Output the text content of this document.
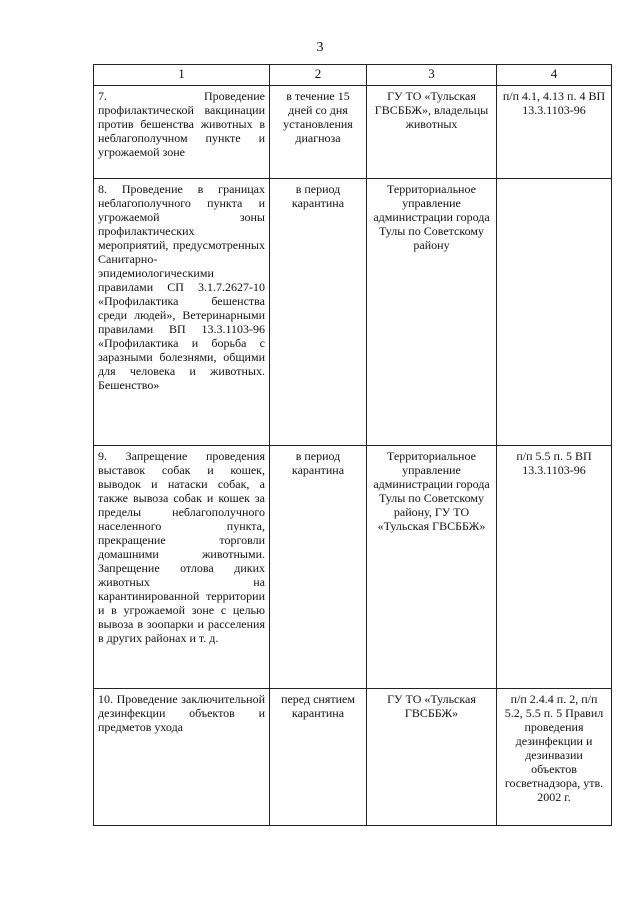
3
1	2	3	4
7. Проведение профилактической вакцинации против бешенства животных в неблагополучном пункте и угрожаемой зоне	в течение 15 дней со дня установления диагноза	ГУ ТО «Тульская ГВСББЖ», владельцы животных	п/п 4.1, 4.13 п. 4 ВП 13.3.1103-96
8. Проведение в границах неблагополучного пункта и угрожаемой зоны профилактических мероприятий, предусмотренных Санитарно-эпидемиологическими правилами СП 3.1.7.2627-10 «Профилактика бешенства среди людей», Ветеринарными правилами ВП 13.3.1103-96 «Профилактика и борьба с заразными болезнями, общими для человека и животных. Бешенство»	в период карантина	Территориальное управление администрации города Тулы по Советскому району	
9. Запрещение проведения выставок собак и кошек, выводок и натаски собак, а также вывоза собак и кошек за пределы неблагополучного населенного пункта, прекращение торговли домашними животными. Запрещение отлова диких животных на карантинированной территории и в угрожаемой зоне с целью вывоза в зоопарки и расселения в других районах и т. д.	в период карантина	Территориальное управление администрации города Тулы по Советскому району, ГУ ТО «Тульская ГВСББЖ»	п/п 5.5 п. 5 ВП 13.3.1103-96
10. Проведение заключительной дезинфекции объектов и предметов ухода	перед снятием карантина	ГУ ТО «Тульская ГВСББЖ»	п/п 2.4.4 п. 2, п/п 5.2, 5.5 п. 5 Правил проведения дезинфекции и дезинвазии объектов госветнадзора, утв. 2002 г.
